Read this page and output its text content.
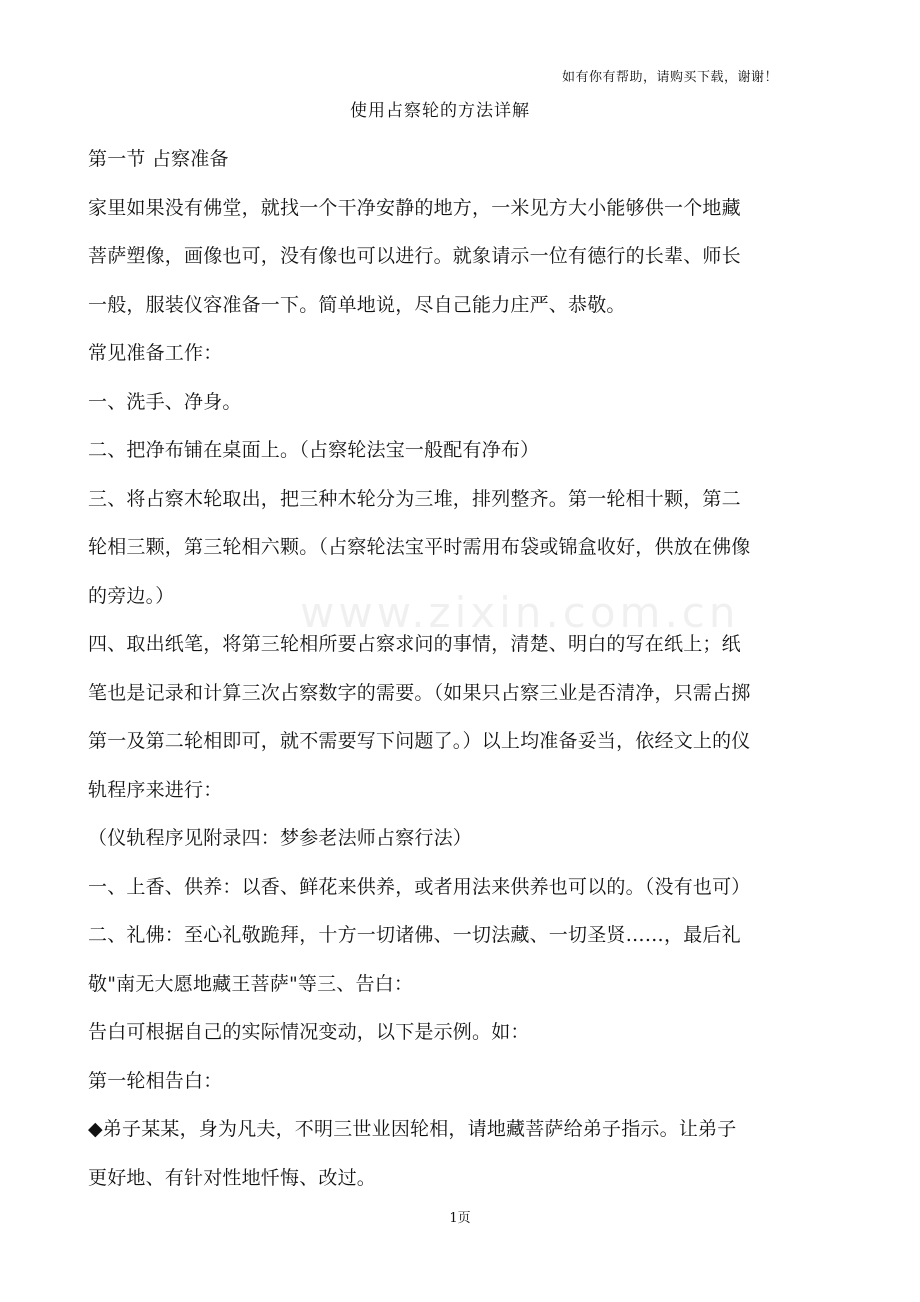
如有你有帮助，请购买下载，谢谢！
使用占察轮的方法详解
www.zixin.com.cn
第一节 占察准备
家里如果没有佛堂，就找一个干净安静的地方，一米见方大小能够供一个地藏
菩萨塑像，画像也可，没有像也可以进行。就象请示一位有德行的长辈、师长
一般，服装仪容准备一下。简单地说，尽自己能力庄严、恭敬。
常见准备工作：
一、洗手、净身。
二、把净布铺在桌面上。（占察轮法宝一般配有净布）
三、将占察木轮取出，把三种木轮分为三堆，排列整齐。第一轮相十颗，第二
轮相三颗，第三轮相六颗。（占察轮法宝平时需用布袋或锦盒收好，供放在佛像
的旁边。）
四、取出纸笔，将第三轮相所要占察求问的事情，清楚、明白的写在纸上；纸
笔也是记录和计算三次占察数字的需要。（如果只占察三业是否清净，只需占掷
第一及第二轮相即可，就不需要写下问题了。）以上均准备妥当，依经文上的仪
轨程序来进行：
（仪轨程序见附录四：梦参老法师占察行法）
一、上香、供养：以香、鲜花来供养，或者用法来供养也可以的。（没有也可）
二、礼佛：至心礼敬跪拜，十方一切诸佛、一切法藏、一切圣贤……，最后礼
敬"南无大愿地藏王菩萨"等三、告白：
告白可根据自己的实际情况变动，以下是示例。如：
第一轮相告白：
◆弟子某某，身为凡夫，不明三世业因轮相，请地藏菩萨给弟子指示。让弟子
更好地、有针对性地忏悔、改过。
1页
